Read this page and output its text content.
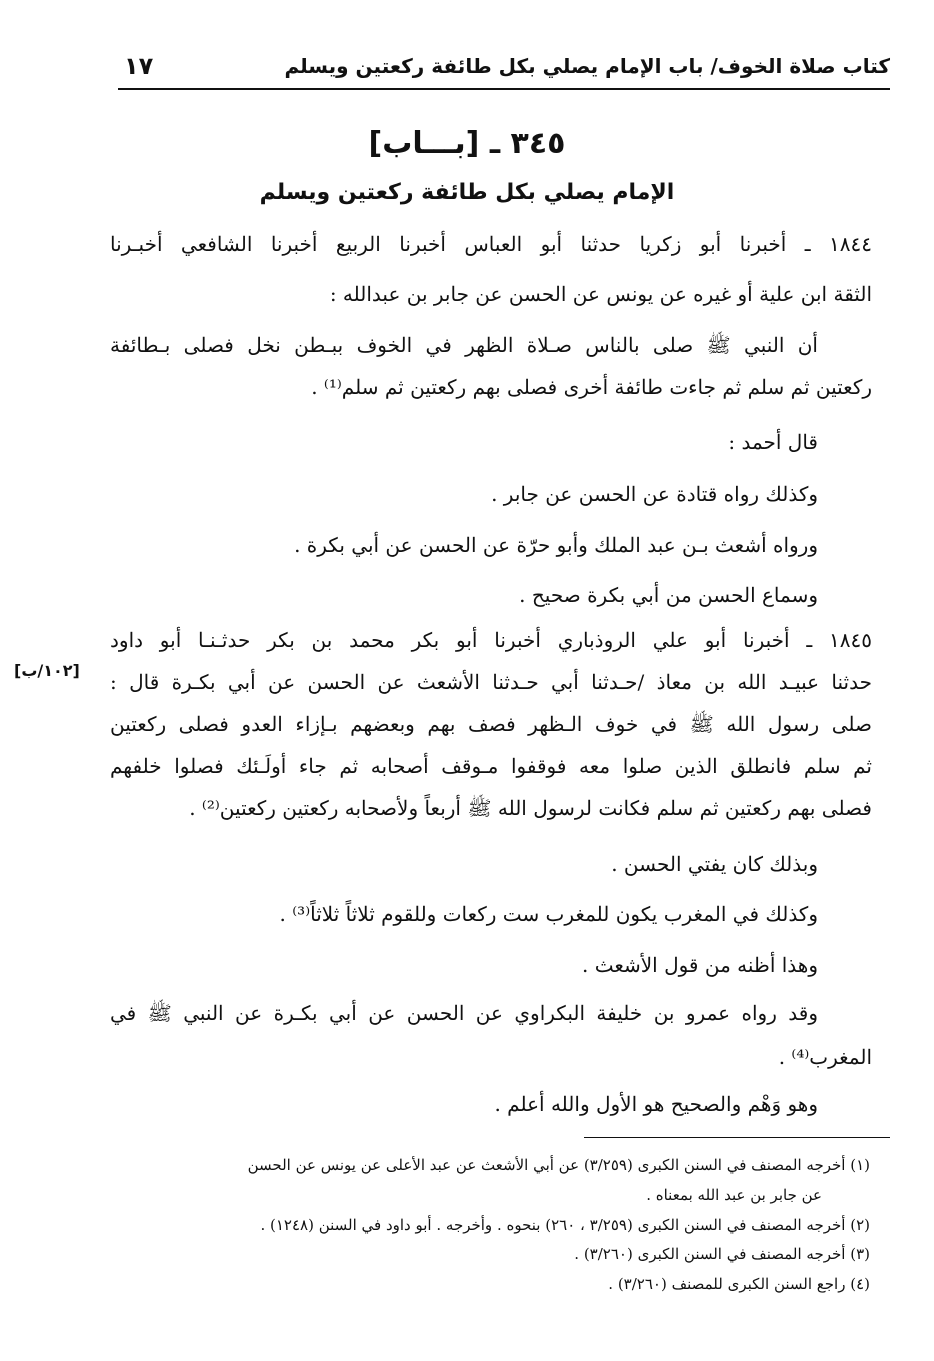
كتاب صلاة الخوف/ باب الإمام يصلي بكل طائفة ركعتين ويسلم
١٧
٣٤٥ ـ [بـــاب]
الإمام يصلي بكل طائفة ركعتين ويسلم
١٨٤٤ ـ أخبرنا أبو زكريا حدثنا أبو العباس أخبرنا الربيع أخبرنا الشافعي أخبـرنا
الثقة ابن علية أو غيره عن يونس عن الحسن عن جابر بن عبدالله :
أن النبي ﷺ صلى بالناس صـلاة الظهر في الخوف ببـطن نخل فصلى بـطائفة
ركعتين ثم سلم ثم جاءت طائفة أخرى فصلى بهم ركعتين ثم سلم⁽¹⁾ .
قال أحمد :
وكذلك رواه قتادة عن الحسن عن جابر .
ورواه أشعث بـن عبد الملك وأبو حرّة عن الحسن عن أبي بكرة .
وسماع الحسن من أبي بكرة صحيح .
١٨٤٥ ـ أخبرنا أبو علي الروذباري أخبرنا أبو بكر محمد بن بكر حدثـنـا أبو داود
حدثنا عبيـد الله بن معاذ /حـدثنا أبي حـدثنا الأشعث عن الحسن عن أبي بكـرة قال :
صلى رسول الله ﷺ في خوف الـظهر فصف بهم وبعضهم بـإزاء العدو فصلى ركعتين
ثم سلم فانطلق الذين صلوا معه فوقفوا مـوقف أصحابه ثم جاء أولَـئك فصلوا خلفهم
فصلى بهم ركعتين ثم سلم فكانت لرسول الله ﷺ أربعاً ولأصحابه ركعتين ركعتين⁽²⁾ .
وبذلك كان يفتي الحسن .
وكذلك في المغرب يكون للمغرب ست ركعات وللقوم ثلاثاً ثلاثاً⁽³⁾ .
وهذا أظنه من قول الأشعث .
وقد رواه عمرو بن خليفة البكراوي عن الحسن عن أبي بكـرة عن النبي ﷺ في
المغرب⁽⁴⁾ .
وهو وَهْم والصحيح هو الأول والله أعلم .
[١٠٢/ب]
(١) أخرجه المصنف في السنن الكبرى (٣/٢٥٩) عن أبي الأشعث عن عبد الأعلى عن يونس عن الحسن
عن جابر بن عبد الله بمعناه .
(٢) أخرجه المصنف في السنن الكبرى (٣/٢٥٩ ، ٢٦٠) بنحوه . وأخرجه . أبو داود في السنن (١٢٤٨) .
(٣) أخرجه المصنف في السنن الكبرى (٣/٢٦٠) .
(٤) راجع السنن الكبرى للمصنف (٣/٢٦٠) .
